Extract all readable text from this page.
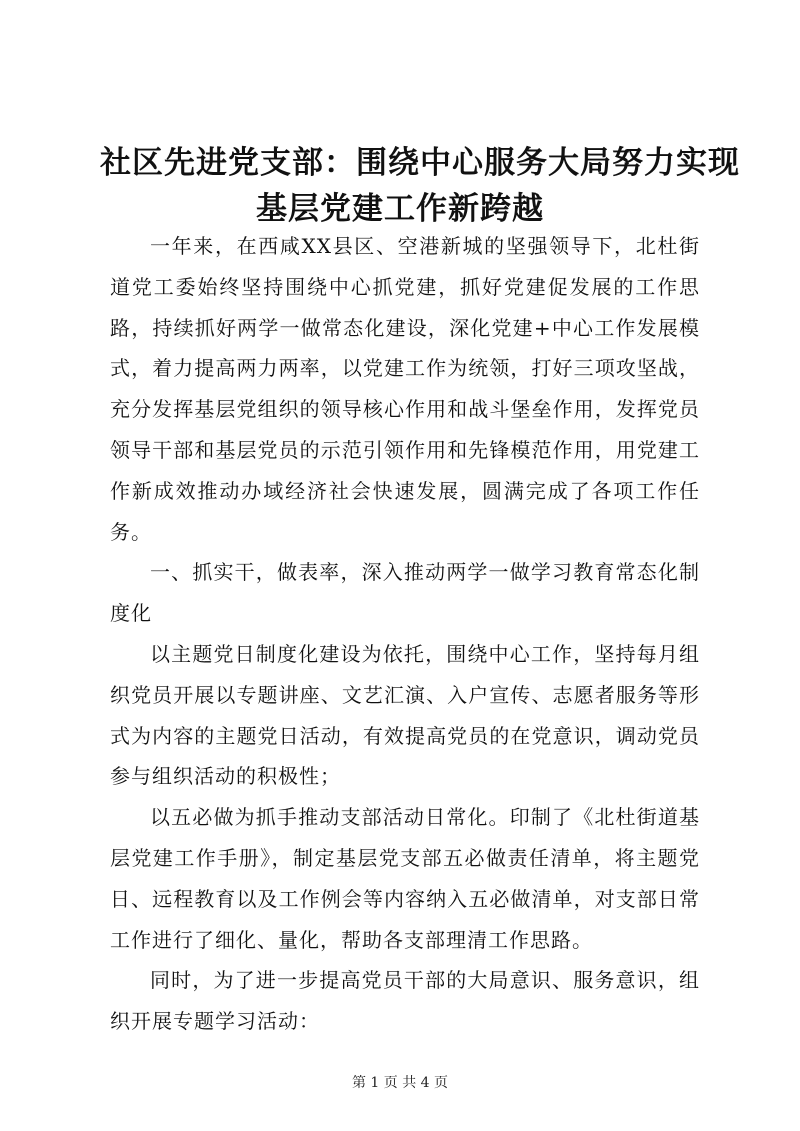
社区先进党支部：围绕中心服务大局努力实现
基层党建工作新跨越

一年来，在西咸XX县区、空港新城的坚强领导下，北杜街道党工委始终坚持围绕中心抓党建，抓好党建促发展的工作思路，持续抓好两学一做常态化建设，深化党建+中心工作发展模式，着力提高两力两率，以党建工作为统领，打好三项攻坚战，充分发挥基层党组织的领导核心作用和战斗堡垒作用，发挥党员领导干部和基层党员的示范引领作用和先锋模范作用，用党建工作新成效推动办域经济社会快速发展，圆满完成了各项工作任务。

一、抓实干，做表率，深入推动两学一做学习教育常态化制度化

以主题党日制度化建设为依托，围绕中心工作，坚持每月组织党员开展以专题讲座、文艺汇演、入户宣传、志愿者服务等形式为内容的主题党日活动，有效提高党员的在党意识，调动党员参与组织活动的积极性；

以五必做为抓手推动支部活动日常化。印制了《北杜街道基层党建工作手册》，制定基层党支部五必做责任清单，将主题党日、远程教育以及工作例会等内容纳入五必做清单，对支部日常工作进行了细化、量化，帮助各支部理清工作思路。

同时，为了进一步提高党员干部的大局意识、服务意识，组织开展专题学习活动：

第 1 页 共 4 页
